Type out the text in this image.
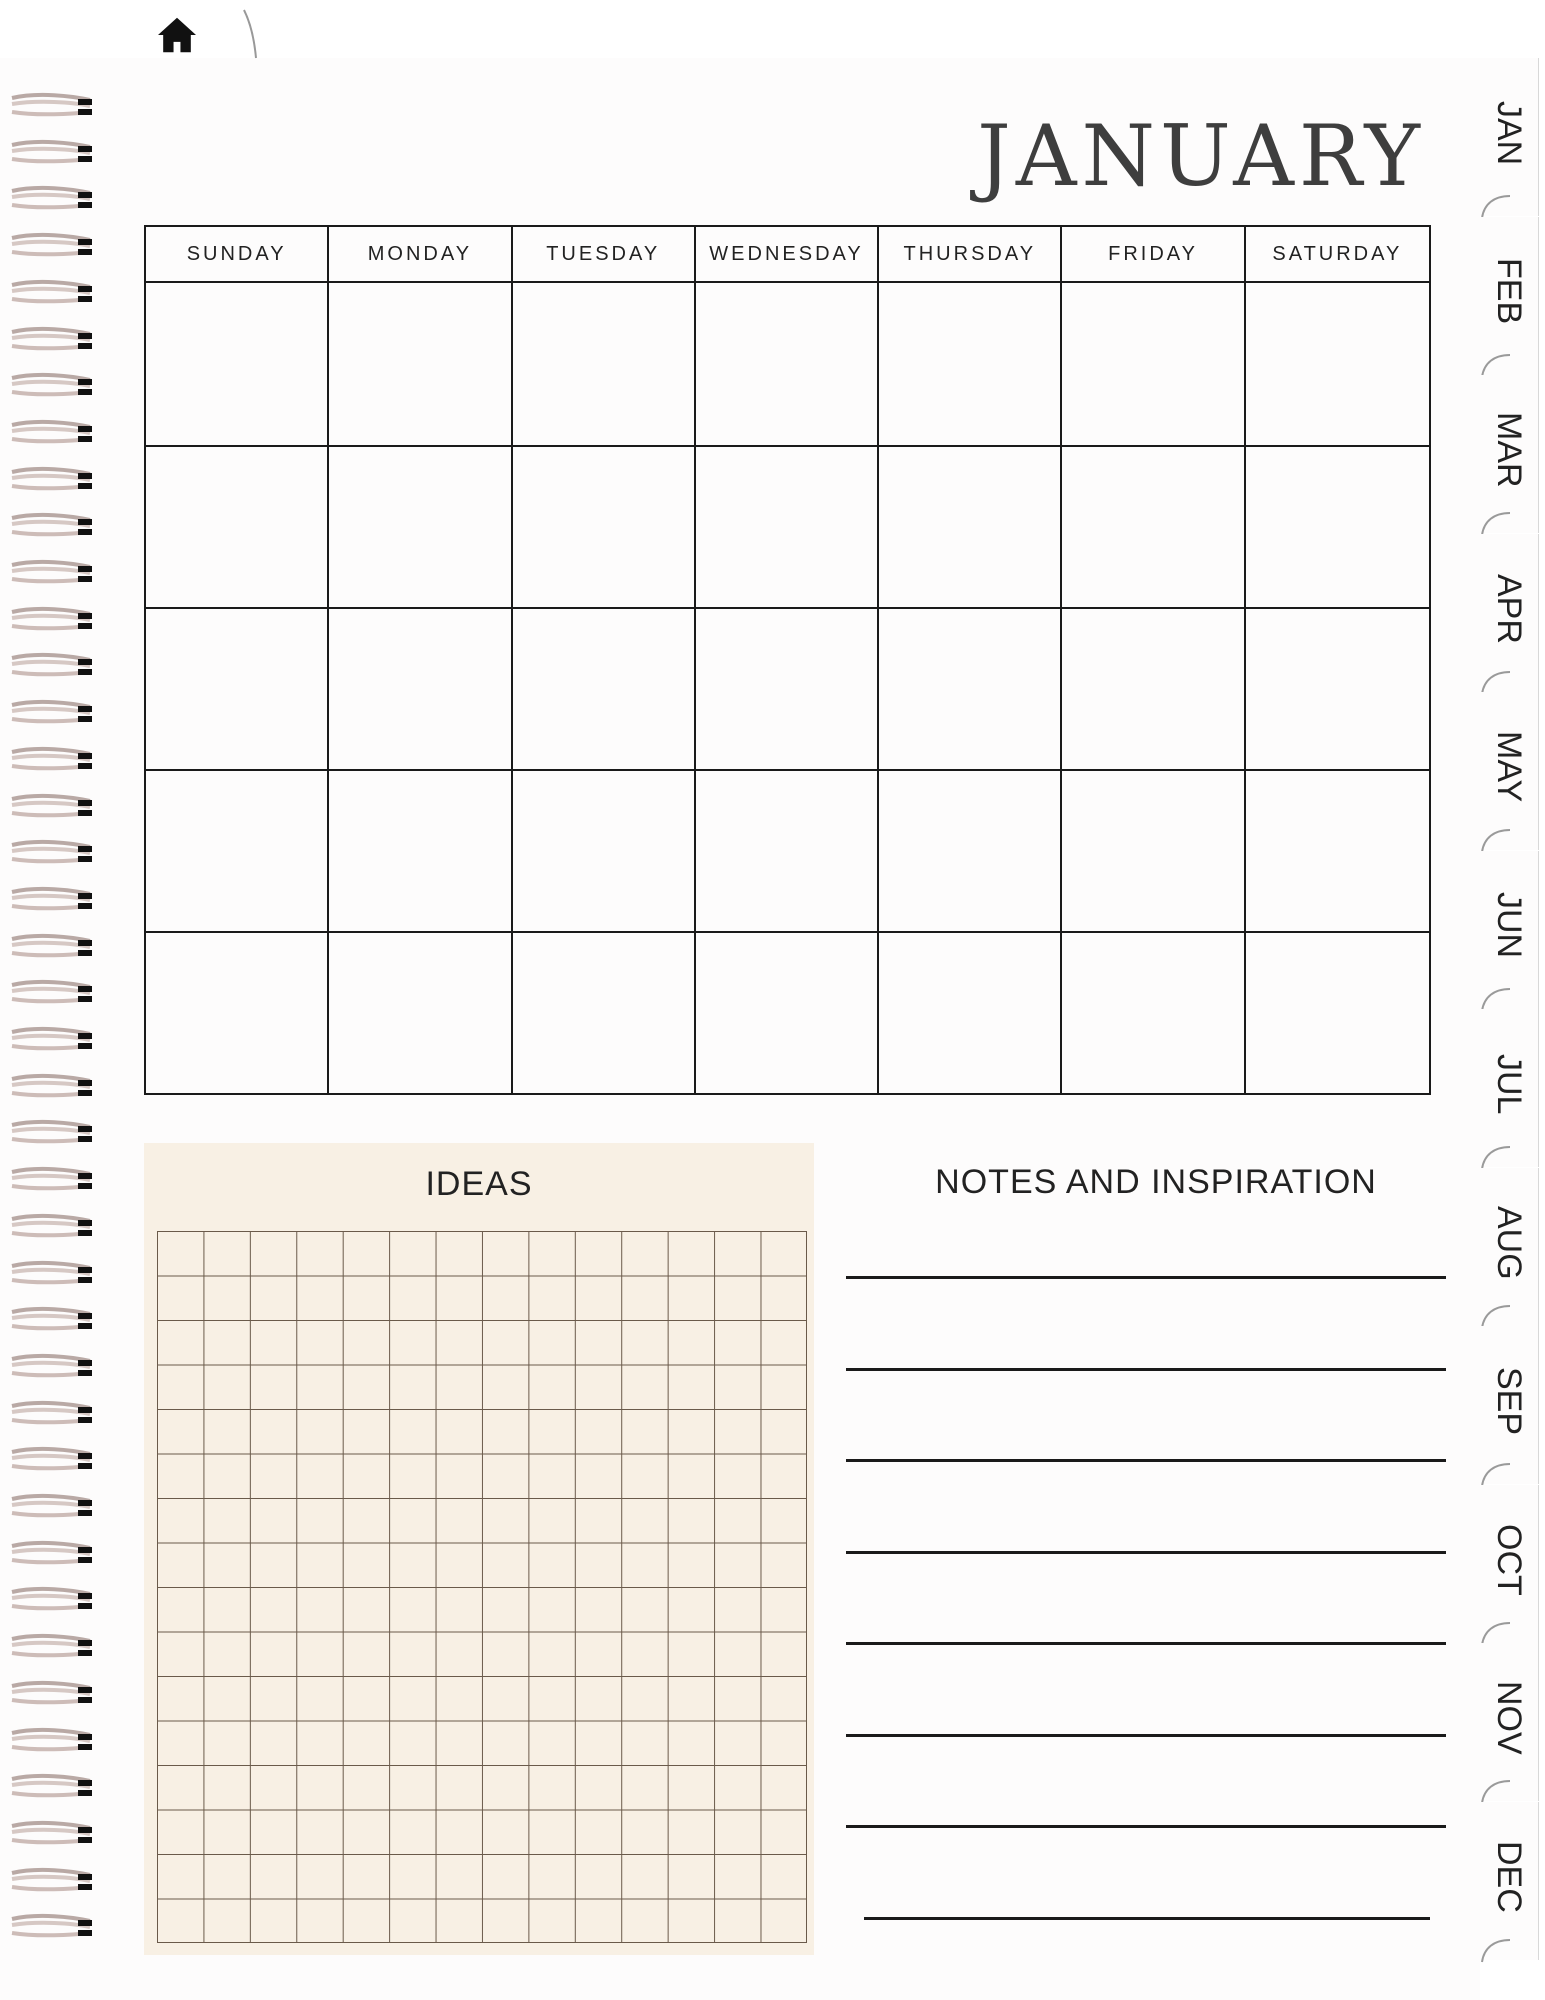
JANUARY
SUNDAY	MONDAY	TUESDAY	WEDNESDAY	THURSDAY	FRIDAY	SATURDAY
IDEAS	NOTES AND INSPIRATION
JAN
FEB
MAR
APR
MAY
JUN
JUL
AUG
SEP
OCT
NOV
DEC
